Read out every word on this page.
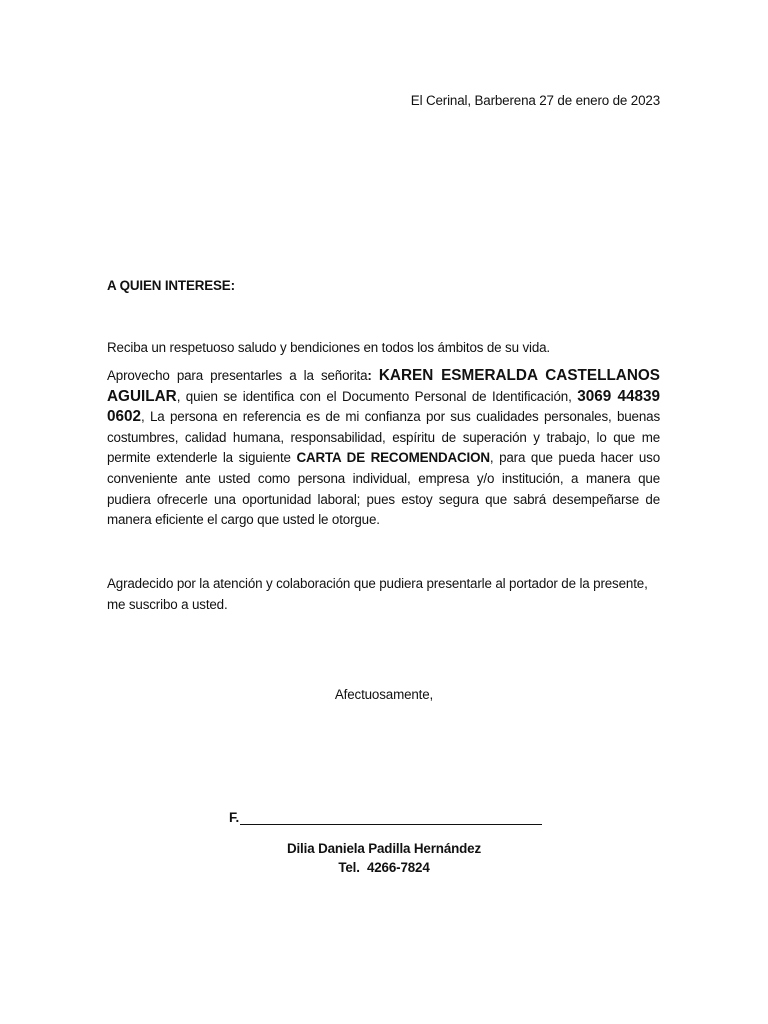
El Cerinal, Barberena 27 de enero de 2023
A QUIEN INTERESE:
Reciba un respetuoso saludo y bendiciones en todos los ámbitos de su vida.

Aprovecho para presentarles a la señorita: KAREN ESMERALDA CASTELLANOS AGUILAR, quien se identifica con el Documento Personal de Identificación, 3069 44839 0602, La persona en referencia es de mi confianza por sus cualidades personales, buenas costumbres, calidad humana, responsabilidad, espíritu de superación y trabajo, lo que me permite extenderle la siguiente CARTA DE RECOMENDACION, para que pueda hacer uso conveniente ante usted como persona individual, empresa y/o institución, a manera que pudiera ofrecerle una oportunidad laboral; pues estoy segura que sabrá desempeñarse de manera eficiente el cargo que usted le otorgue.

Agradecido por la atención y colaboración que pudiera presentarle al portador de la presente, me suscribo a usted.

Afectuosamente,
F.
Dilia Daniela Padilla Hernández
Tel.  4266-7824
